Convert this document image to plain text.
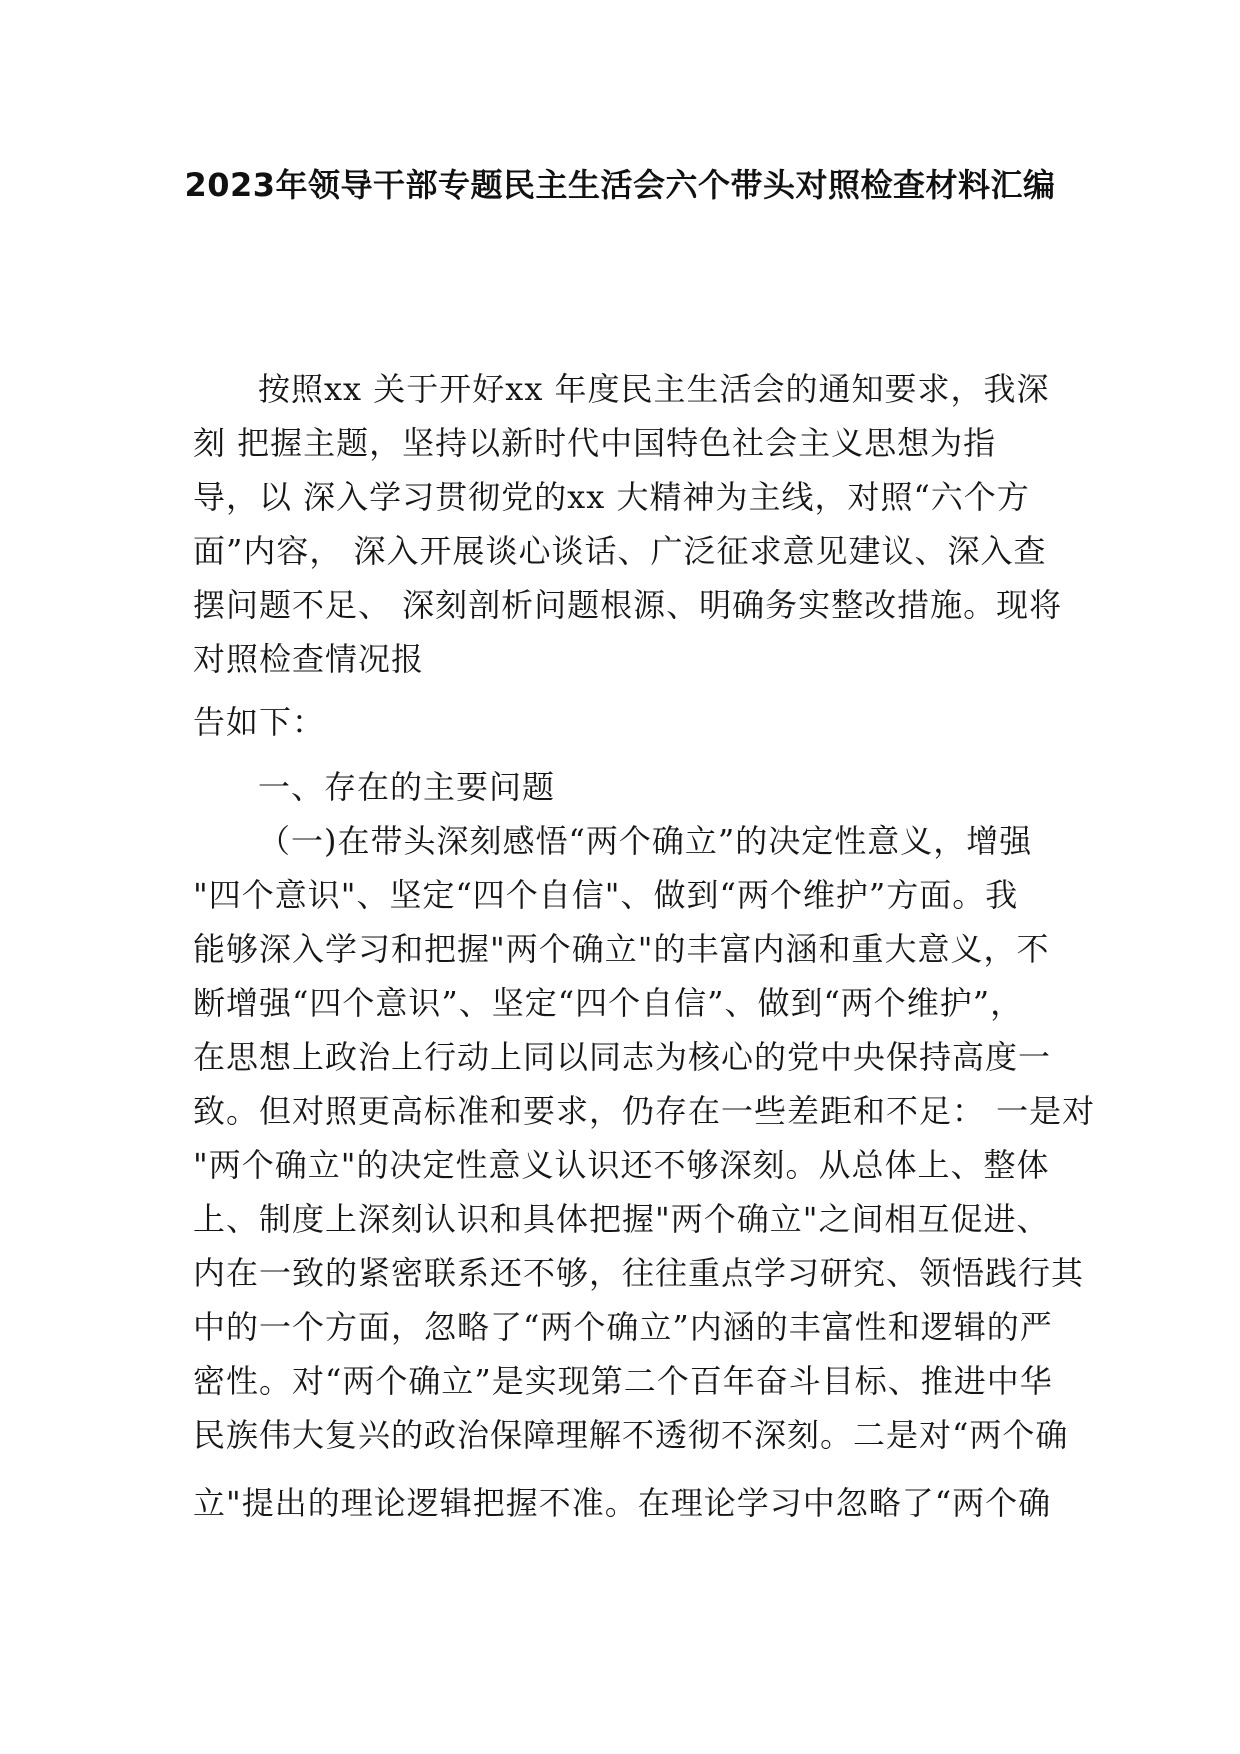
2023年领导干部专题民主生活会六个带头对照检查材料汇编
按照xx 关于开好xx 年度民主生活会的通知要求，我深
刻 把握主题，坚持以新时代中国特色社会主义思想为指
导，以 深入学习贯彻党的xx 大精神为主线，对照“六个方
面”内容， 深入开展谈心谈话、广泛征求意见建议、深入查
摆问题不足、 深刻剖析问题根源、明确务实整改措施。现将
对照检查情况报
告如下：
一、存在的主要问题
（一)在带头深刻感悟“两个确立”的决定性意义，增强
"四个意识"、坚定“四个自信"、做到“两个维护”方面。我
能够深入学习和把握"两个确立"的丰富内涵和重大意义，不
断增强“四个意识”、坚定“四个自信”、做到“两个维护”，
在思想上政治上行动上同以同志为核心的党中央保持高度一
致。但对照更高标准和要求，仍存在一些差距和不足： 一是对
"两个确立"的决定性意义认识还不够深刻。从总体上、整体
上、制度上深刻认识和具体把握"两个确立"之间相互促进、
内在一致的紧密联系还不够，往往重点学习研究、领悟践行其
中的一个方面，忽略了“两个确立”内涵的丰富性和逻辑的严
密性。对“两个确立”是实现第二个百年奋斗目标、推进中华
民族伟大复兴的政治保障理解不透彻不深刻。二是对“两个确
立"提出的理论逻辑把握不准。在理论学习中忽略了“两个确
